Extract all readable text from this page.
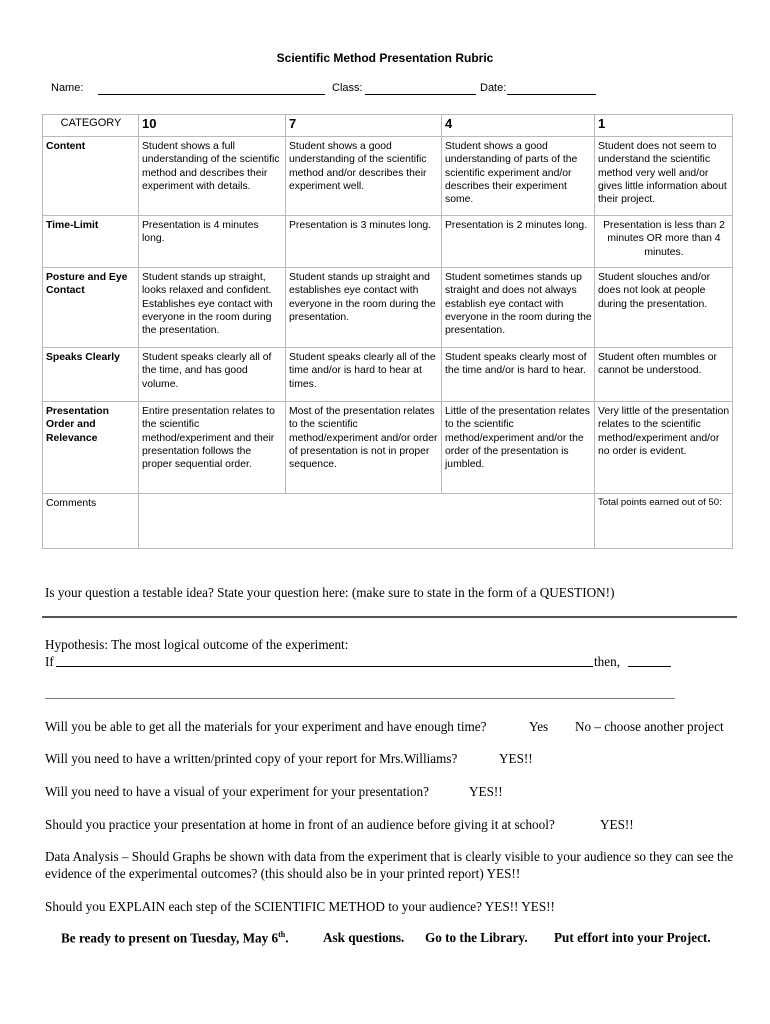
Scientific Method Presentation Rubric
Name:	Class:	Date:
CATEGORY	10	7	4	1
Content	Student shows a full understanding of the scientific method and describes their experiment with details.	Student shows a good understanding of the scientific method and/or describes their experiment well.	Student shows a good understanding of parts of the scientific experiment and/or describes their experiment some.	Student does not seem to understand the scientific method very well and/or gives little information about their project.
Time-Limit	Presentation is 4 minutes long.	Presentation is 3 minutes long.	Presentation is 2 minutes long.	Presentation is less than 2 minutes OR more than 4 minutes.
Posture and Eye Contact	Student stands up straight, looks relaxed and confident. Establishes eye contact with everyone in the room during the presentation.	Student stands up straight and establishes eye contact with everyone in the room during the presentation.	Student sometimes stands up straight and does not always establish eye contact with everyone in the room during the presentation.	Student slouches and/or does not look at people during the presentation.
Speaks Clearly	Student speaks clearly all of the time, and has good volume.	Student speaks clearly all of the time and/or is hard to hear at times.	Student speaks clearly most of the time and/or is hard to hear.	Student often mumbles or cannot be understood.
Presentation Order and Relevance	Entire presentation relates to the scientific method/experiment and their presentation follows the proper sequential order.	Most of the presentation relates to the scientific method/experiment and/or order of presentation is not in proper sequence.	Little of the presentation relates to the scientific method/experiment and/or the order of the presentation is jumbled.	Very little of the presentation relates to the scientific method/experiment and/or no order is evident.
Comments				Total points earned out of 50:
Is your question a testable idea? State your question here: (make sure to state in the form of a QUESTION!)
Hypothesis: The most logical outcome of the experiment:
If	then,
Will you be able to get all the materials for your experiment and have enough time?	Yes No – choose another project
Will you need to have a written/printed copy of your report for Mrs.Williams?	YES!!
Will you need to have a visual of your experiment for your presentation?	YES!!
Should you practice your presentation at home in front of an audience before giving it at school?	YES!!
Data Analysis – Should Graphs be shown with data from the experiment that is clearly visible to your audience so they can see the evidence of the experimental outcomes? (this should also be in your printed report) YES!!
Should you EXPLAIN each step of the SCIENTIFIC METHOD to your audience? YES!! YES!!
Be ready to present on Tuesday, May 6th.	Ask questions. Go to the Library. Put effort into your Project.
